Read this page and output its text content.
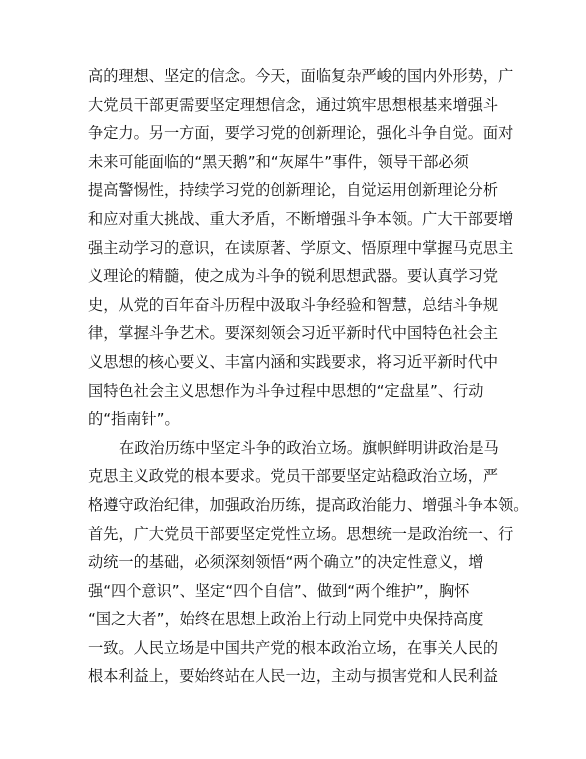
高的理想、坚定的信念。今天，面临复杂严峻的国内外形势，广
大党员干部更需要坚定理想信念，通过筑牢思想根基来增强斗
争定力。另一方面，要学习党的创新理论，强化斗争自觉。面对
未来可能面临的“黑天鹅”和“灰犀牛”事件，领导干部必须
提高警惕性，持续学习党的创新理论，自觉运用创新理论分析
和应对重大挑战、重大矛盾，不断增强斗争本领。广大干部要增
强主动学习的意识，在读原著、学原文、悟原理中掌握马克思主
义理论的精髓，使之成为斗争的锐利思想武器。要认真学习党
史，从党的百年奋斗历程中汲取斗争经验和智慧，总结斗争规
律，掌握斗争艺术。要深刻领会习近平新时代中国特色社会主
义思想的核心要义、丰富内涵和实践要求，将习近平新时代中
国特色社会主义思想作为斗争过程中思想的“定盘星”、行动
的“指南针”。
在政治历练中坚定斗争的政治立场。旗帜鲜明讲政治是马
克思主义政党的根本要求。党员干部要坚定站稳政治立场，严
格遵守政治纪律，加强政治历练，提高政治能力、增强斗争本领。
首先，广大党员干部要坚定党性立场。思想统一是政治统一、行
动统一的基础，必须深刻领悟“两个确立”的决定性意义，增
强“四个意识”、坚定“四个自信”、做到“两个维护”，胸怀
“国之大者”，始终在思想上政治上行动上同党中央保持高度
一致。人民立场是中国共产党的根本政治立场，在事关人民的
根本利益上，要始终站在人民一边，主动与损害党和人民利益
